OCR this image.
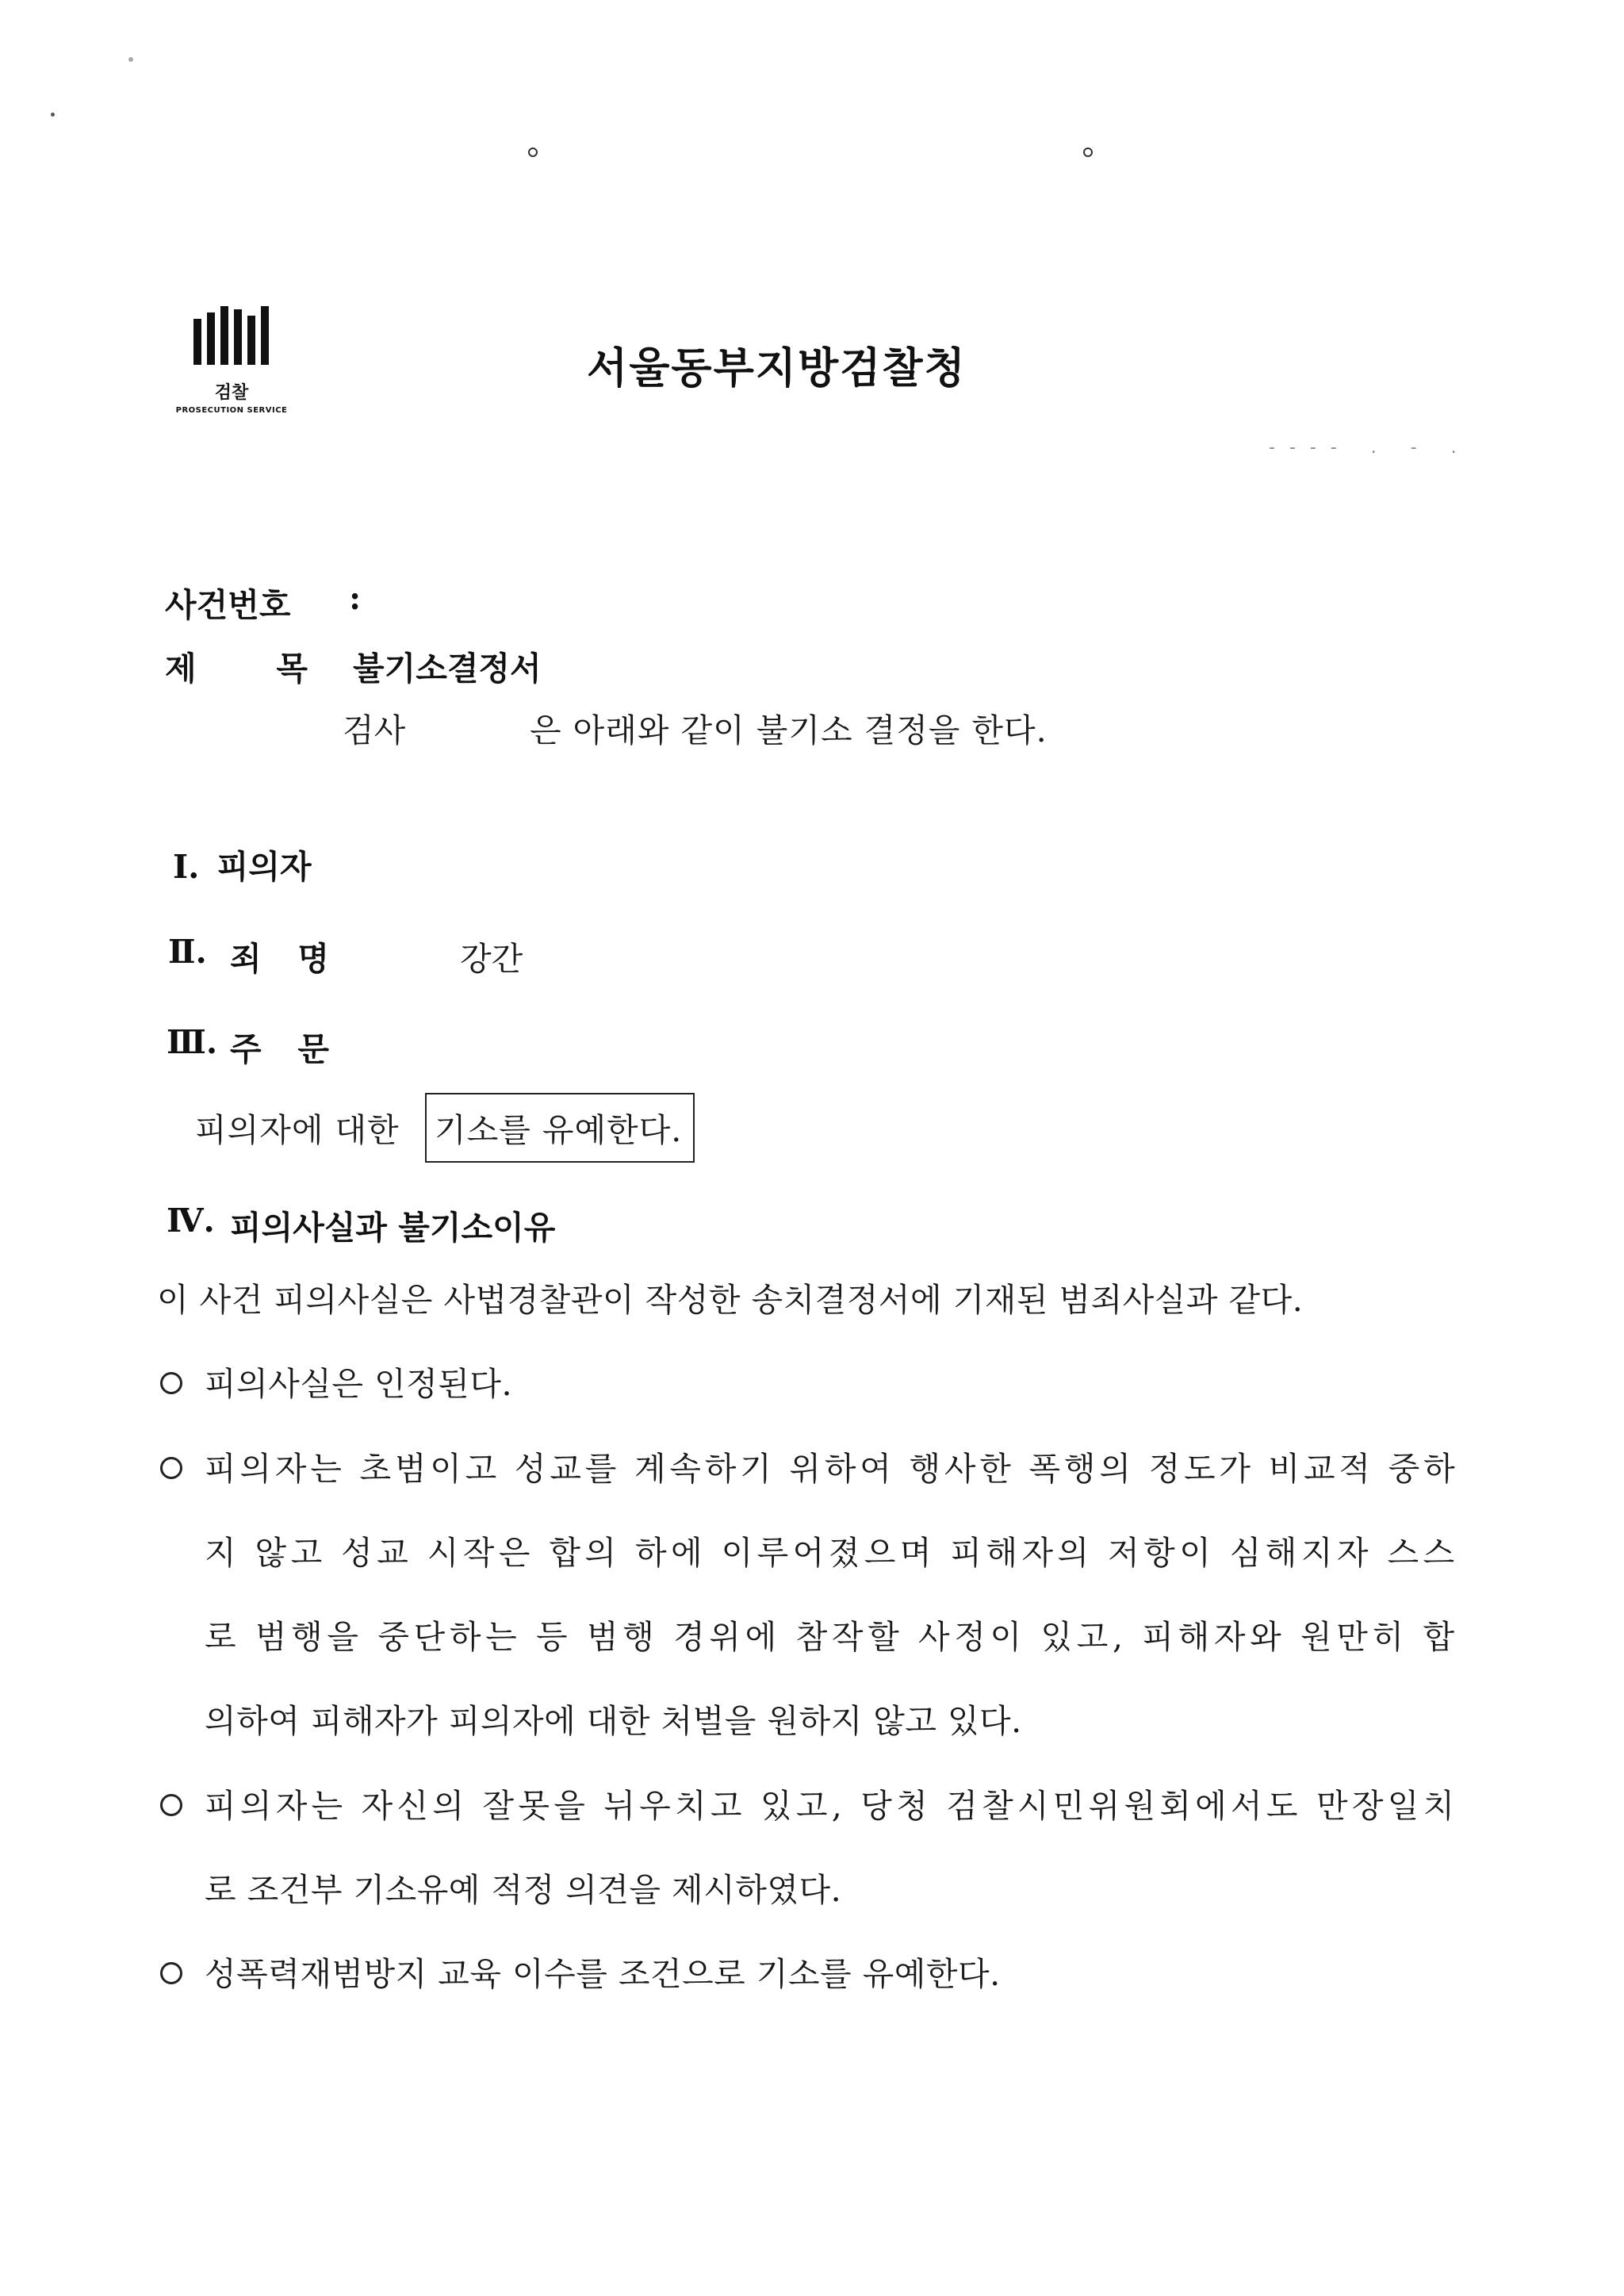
검찰
PROSECUTION SERVICE
서울동부지방검찰청
---- . - .
사건번호 :
제 목 불기소결정서
검사	은 아래와 같이 불기소 결정을 한다.
Ⅰ. 피의자
Ⅱ. 죄 명	강간
Ⅲ. 주 문
피의자에 대한 기소를 유예한다.
Ⅳ. 피의사실과 불기소이유
이 사건 피의사실은 사법경찰관이 작성한 송치결정서에 기재된 범죄사실과 같다.
피의사실은 인정된다.
피의자는 초범이고 성교를 계속하기 위하여 행사한 폭행의 정도가 비교적 중하
지 않고 성교 시작은 합의 하에 이루어졌으며 피해자의 저항이 심해지자 스스
로 범행을 중단하는 등 범행 경위에 참작할 사정이 있고, 피해자와 원만히 합
의하여 피해자가 피의자에 대한 처벌을 원하지 않고 있다.
피의자는 자신의 잘못을 뉘우치고 있고, 당청 검찰시민위원회에서도 만장일치
로 조건부 기소유예 적정 의견을 제시하였다.
성폭력재범방지 교육 이수를 조건으로 기소를 유예한다.
